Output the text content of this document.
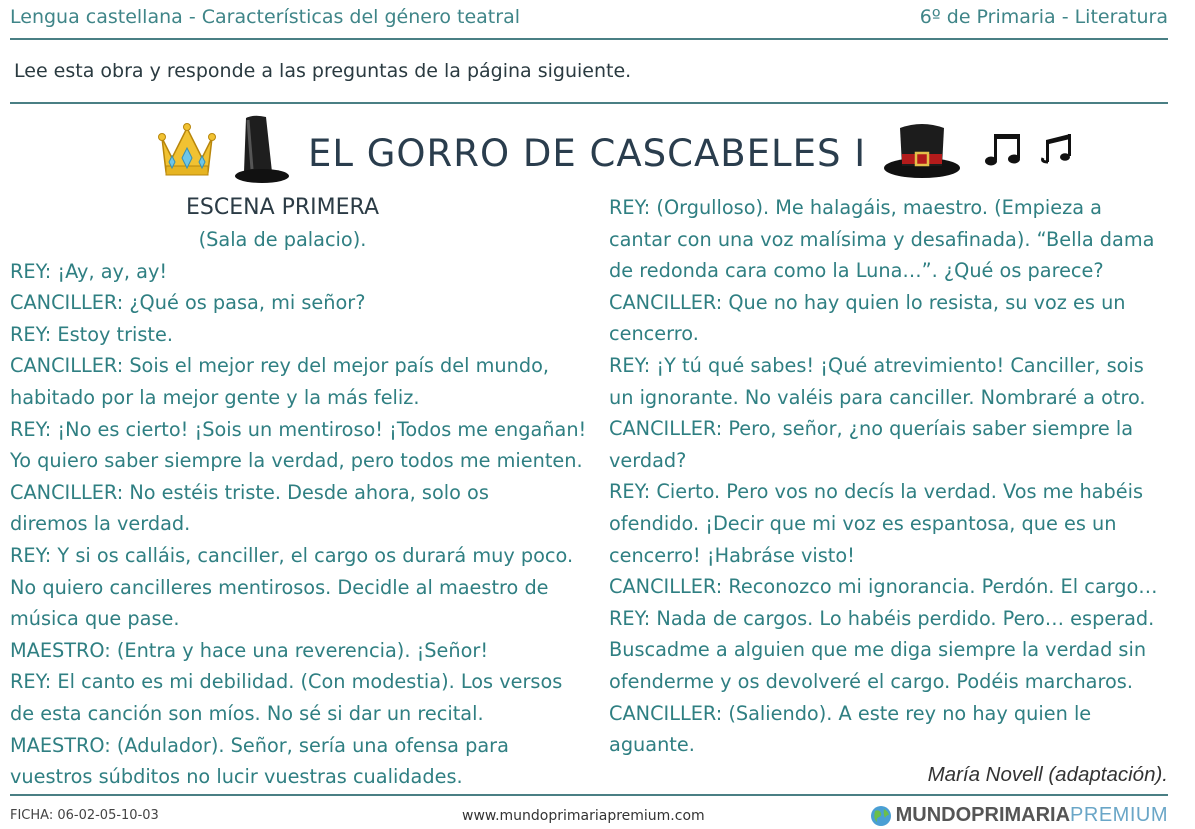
Lengua castellana - Características del género teatral	6º de Primaria - Literatura
Lee esta obra y responde a las preguntas de la página siguiente.
EL GORRO DE CASCABELES I
ESCENA PRIMERA
(Sala de palacio).
REY: ¡Ay, ay, ay!
CANCILLER: ¿Qué os pasa, mi señor?
REY: Estoy triste.
CANCILLER: Sois el mejor rey del mejor país del mundo,
habitado por la mejor gente y la más feliz.
REY: ¡No es cierto! ¡Sois un mentiroso! ¡Todos me engañan!
Yo quiero saber siempre la verdad, pero todos me mienten.
CANCILLER: No estéis triste. Desde ahora, solo os
diremos la verdad.
REY: Y si os calláis, canciller, el cargo os durará muy poco.
No quiero cancilleres mentirosos. Decidle al maestro de
música que pase.
MAESTRO: (Entra y hace una reverencia). ¡Señor!
REY: El canto es mi debilidad. (Con modestia). Los versos
de esta canción son míos. No sé si dar un recital.
MAESTRO: (Adulador). Señor, sería una ofensa para
vuestros súbditos no lucir vuestras cualidades.
REY: (Orgulloso). Me halagáis, maestro. (Empieza a
cantar con una voz malísima y desafinada). “Bella dama
de redonda cara como la Luna…”. ¿Qué os parece?
CANCILLER: Que no hay quien lo resista, su voz es un
cencerro.
REY: ¡Y tú qué sabes! ¡Qué atrevimiento! Canciller, sois
un ignorante. No valéis para canciller. Nombraré a otro.
CANCILLER: Pero, señor, ¿no queríais saber siempre la
verdad?
REY: Cierto. Pero vos no decís la verdad. Vos me habéis
ofendido. ¡Decir que mi voz es espantosa, que es un
cencerro! ¡Habráse visto!
CANCILLER: Reconozco mi ignorancia. Perdón. El cargo…
REY: Nada de cargos. Lo habéis perdido. Pero… esperad.
Buscadme a alguien que me diga siempre la verdad sin
ofenderme y os devolveré el cargo. Podéis marcharos.
CANCILLER: (Saliendo). A este rey no hay quien le
aguante.
María Novell (adaptación).
FICHA: 06-02-05-10-03	www.mundoprimariapremium.com	MUNDOPRIMARIA PREMIUM
